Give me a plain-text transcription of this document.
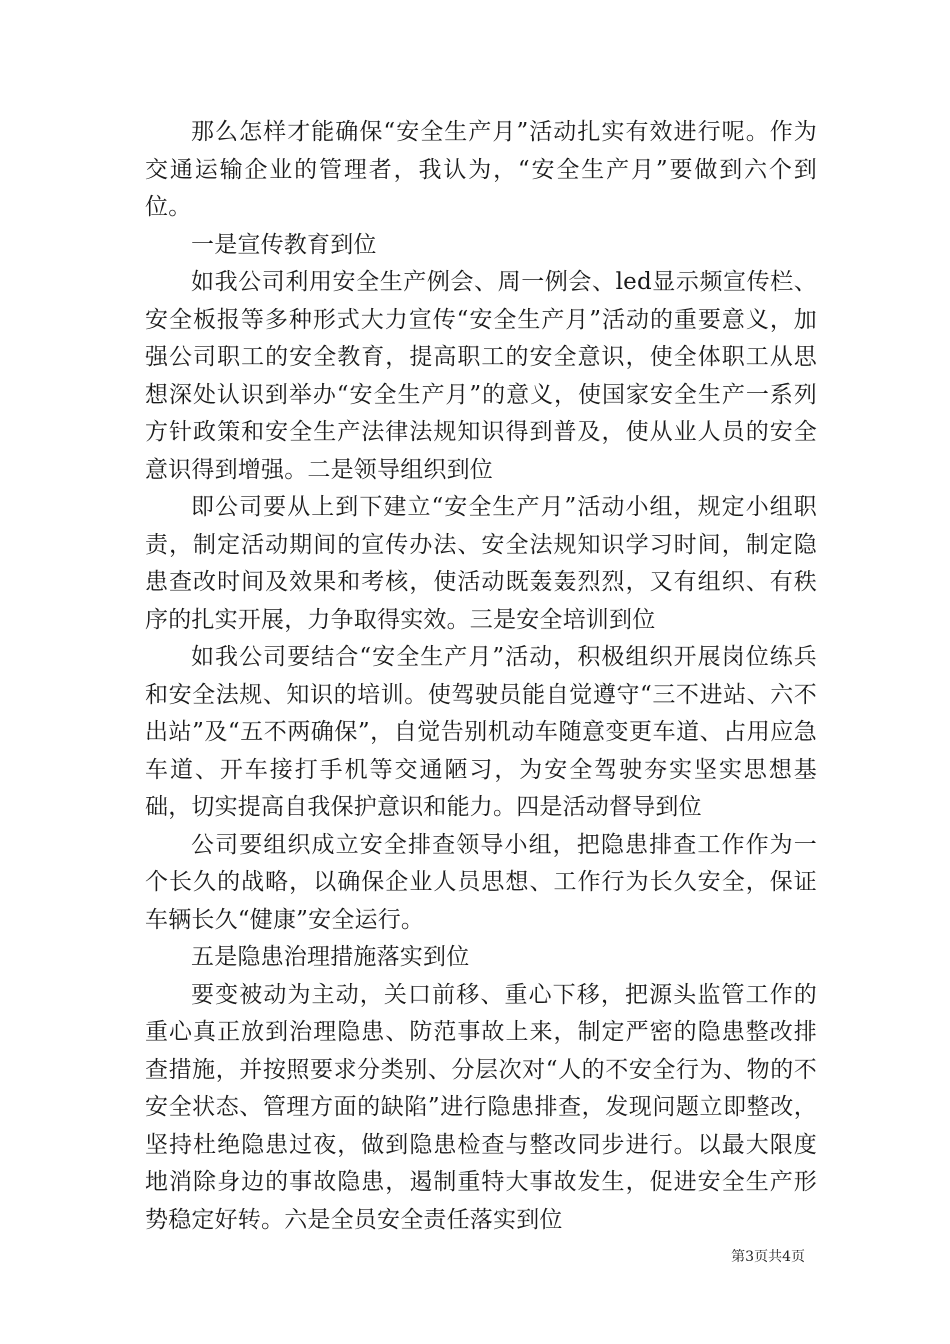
那么怎样才能确保“安全生产月”活动扎实有效进行呢。作为交通运输企业的管理者，我认为，“安全生产月”要做到六个到位。

一是宣传教育到位

如我公司利用安全生产例会、周一例会、led显示频宣传栏、安全板报等多种形式大力宣传“安全生产月”活动的重要意义，加强公司职工的安全教育，提高职工的安全意识，使全体职工从思想深处认识到举办“安全生产月”的意义，使国家安全生产一系列方针政策和安全生产法律法规知识得到普及，使从业人员的安全意识得到增强。二是领导组织到位

即公司要从上到下建立“安全生产月”活动小组，规定小组职责，制定活动期间的宣传办法、安全法规知识学习时间，制定隐患查改时间及效果和考核，使活动既轰轰烈烈，又有组织、有秩序的扎实开展，力争取得实效。三是安全培训到位

如我公司要结合“安全生产月”活动，积极组织开展岗位练兵和安全法规、知识的培训。使驾驶员能自觉遵守“三不进站、六不出站”及“五不两确保”，自觉告别机动车随意变更车道、占用应急车道、开车接打手机等交通陋习，为安全驾驶夯实坚实思想基础，切实提高自我保护意识和能力。四是活动督导到位

公司要组织成立安全排查领导小组，把隐患排查工作作为一个长久的战略，以确保企业人员思想、工作行为长久安全，保证车辆长久“健康”安全运行。

五是隐患治理措施落实到位

要变被动为主动，关口前移、重心下移，把源头监管工作的重心真正放到治理隐患、防范事故上来，制定严密的隐患整改排查措施，并按照要求分类别、分层次对“人的不安全行为、物的不安全状态、管理方面的缺陷”进行隐患排查，发现问题立即整改，坚持杜绝隐患过夜，做到隐患检查与整改同步进行。以最大限度地消除身边的事故隐患，遏制重特大事故发生，促进安全生产形势稳定好转。六是全员安全责任落实到位

第3页共4页
